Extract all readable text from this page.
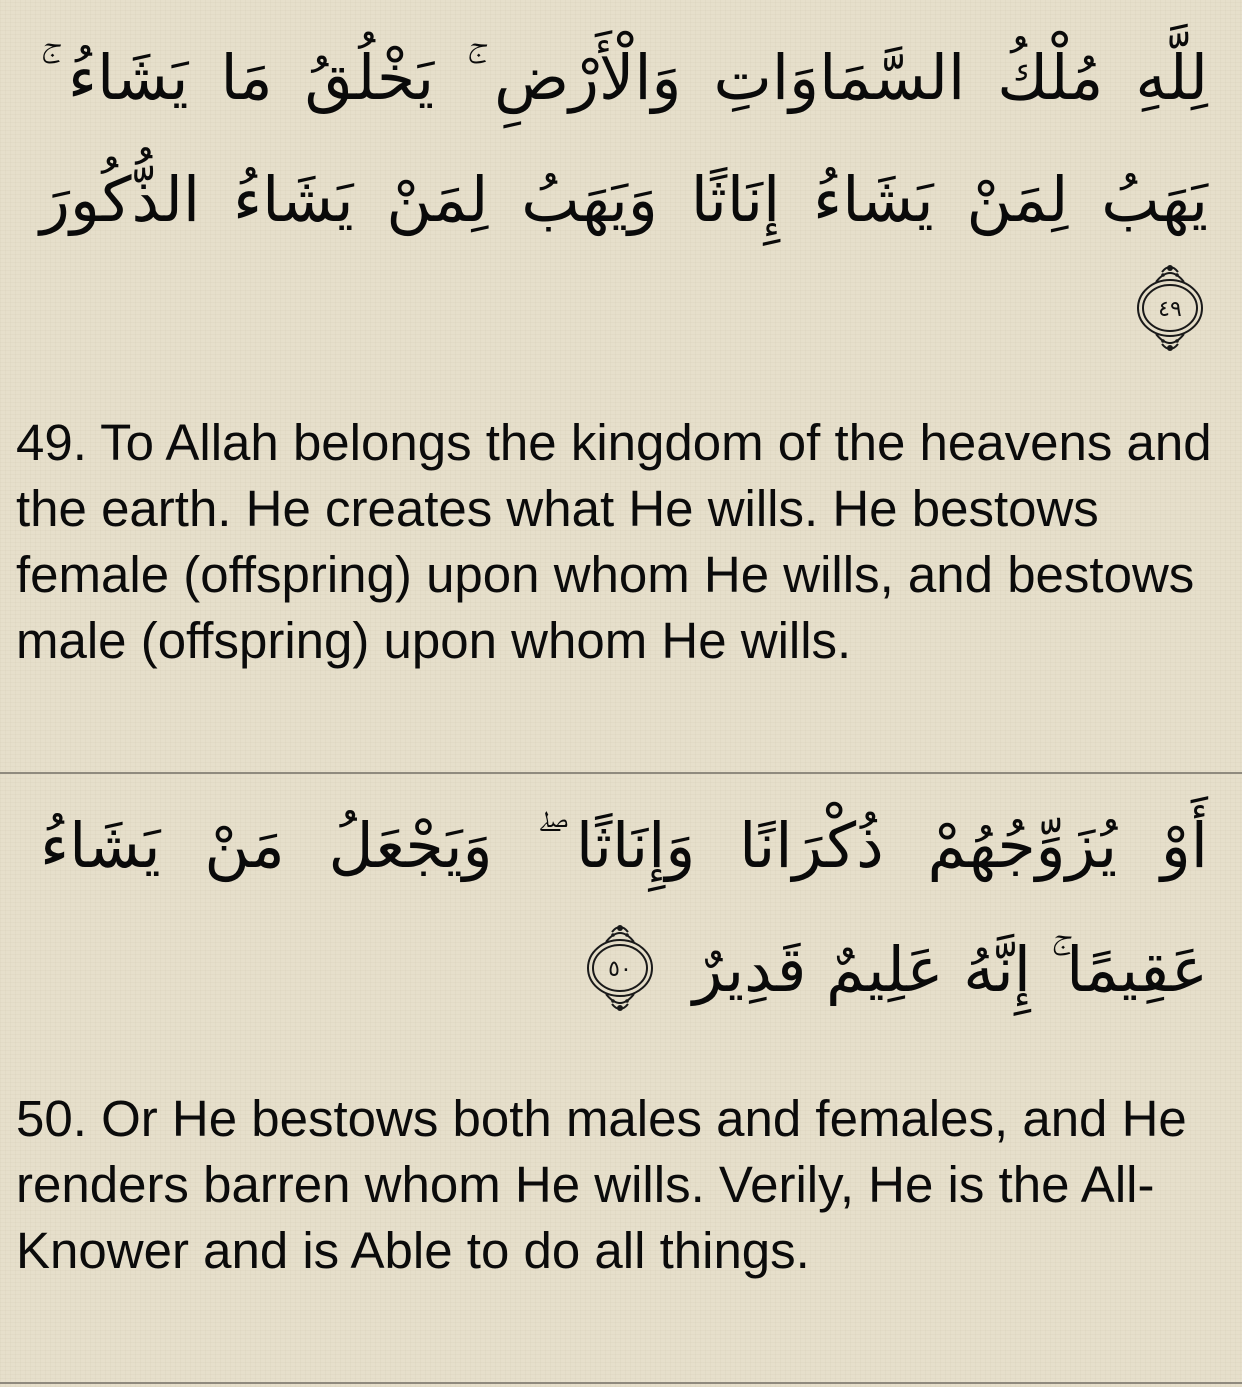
لِلَّهِ مُلْكُ السَّمَاوَاتِ وَالْأَرْضِ ۚ يَخْلُقُ مَا يَشَاءُ ۚ
يَهَبُ لِمَنْ يَشَاءُ إِنَاثًا وَيَهَبُ لِمَنْ يَشَاءُ الذُّكُورَ
٤٩
49. To Allah belongs the kingdom of the heavens and the earth. He creates what He wills. He bestows female (offspring) upon whom He wills, and bestows male (offspring) upon whom He wills.
أَوْ يُزَوِّجُهُمْ ذُكْرَانًا وَإِنَاثًا ۖ وَيَجْعَلُ مَنْ يَشَاءُ
عَقِيمًا ۚ إِنَّهُ عَلِيمٌ قَدِيرٌ
٥٠
50. Or He bestows both males and females, and He renders barren whom He wills. Verily, He is the All-Knower and is Able to do all things.
